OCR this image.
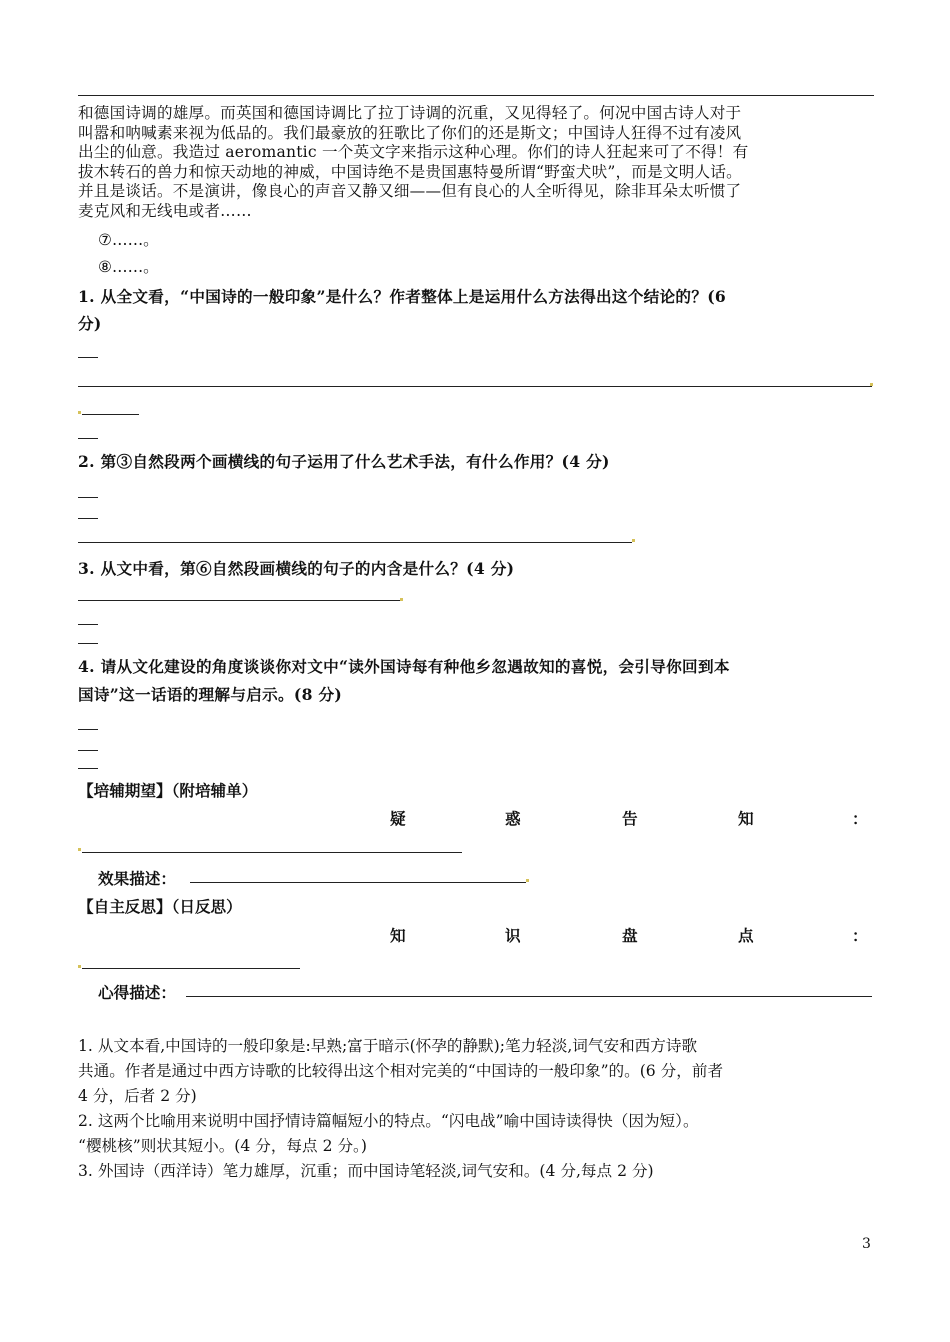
和德国诗调的雄厚。而英国和德国诗调比了拉丁诗调的沉重，又见得轻了。何况中国古诗人对于
叫嚣和呐喊素来视为低品的。我们最豪放的狂歌比了你们的还是斯文；中国诗人狂得不过有凌风
出尘的仙意。我造过 aeromantic 一个英文字来指示这种心理。你们的诗人狂起来可了不得！有
拔木转石的兽力和惊天动地的神威，中国诗绝不是贵国惠特曼所谓“野蛮犬吠”，而是文明人话。
并且是谈话。不是演讲，像良心的声音又静又细——但有良心的人全听得见，除非耳朵太听惯了
麦克风和无线电或者……
⑦……。
⑧……。
1. 从全文看，“中国诗的一般印象”是什么？作者整体上是运用什么方法得出这个结论的？(6
分)
2. 第③自然段两个画横线的句子运用了什么艺术手法，有什么作用？(4 分)
3. 从文中看，第⑥自然段画横线的句子的内含是什么？(4 分)
4. 请从文化建设的角度谈谈你对文中“读外国诗每有种他乡忽遇故知的喜悦，会引导你回到本
国诗”这一话语的理解与启示。(8 分)
【培辅期望】（附培辅单）
疑	惑	告	知	：
效果描述：
【自主反思】（日反思）
知	识	盘	点	：
心得描述：
1. 从文本看,中国诗的一般印象是:早熟;富于暗示(怀孕的静默);笔力轻淡,词气安和西方诗歌
共通。作者是通过中西方诗歌的比较得出这个相对完美的“中国诗的一般印象”的。(6 分，前者
4 分，后者 2 分)
2. 这两个比喻用来说明中国抒情诗篇幅短小的特点。“闪电战”喻中国诗读得快（因为短）。
“樱桃核”则状其短小。(4 分，每点 2 分。)
3. 外国诗（西洋诗）笔力雄厚，沉重；而中国诗笔轻淡,词气安和。(4 分,每点 2 分)
3
